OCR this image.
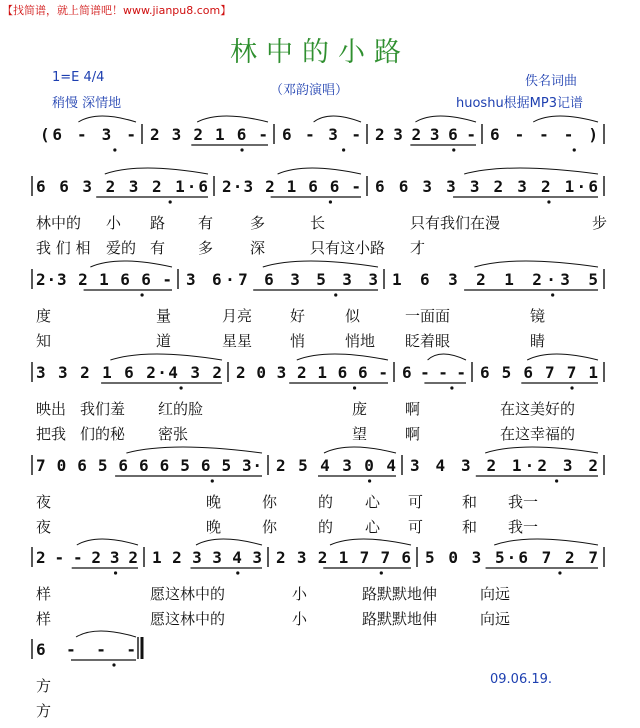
【找简谱，就上简谱吧！www.jianpu8.com】
林中的小路
1=E 4/4
稍慢 深情地
（邓韵演唱）
佚名词曲
huoshu根据MP3记谱
09.06.19.
(6 - 3 - 2 3 2 1 6 - 6 - 3 - 2 3 2 3 6 - 6 - - - )
6 6 3 2 3 2 1·6 2·3 2 1 6 6 - 6 6 3 3 3 2 3 2 1·6
2·3 2 1 6 6 - 3 6·7 6 3 5 3 3 1 6 3 2 1 2·3 5
3 3 2 1 6 2·4 3 2 2 0 3 2 1 6 6 - 6 - - - 6 5 6 7 7 1
7 0 6 5 6 6 6 5 6 5 3· 2 5 4 3 0 4 3 4 3 2 1·2 3 2
2 - - 2 3 2 1 2 3 3 4 3 2 3 2 1 7 7 6 5 0 3 5·6 7 2 7
6 - - -
林中的 小 路 有 多	长	只有我们在漫	步
我 们 相 爱的 有 多 深	只有这小路 才
度	量	月亮	好	似	一面面	镜
知	道	星星	悄	悄地 眨着眼	睛
映出 我们羞 红的脸	庞	啊	在这美好的
把我 们的秘 密张	望	啊	在这幸福的
夜	晚	你	的 心 可	和 我一
夜	晚	你	的 心 可	和 我一
样	愿这林中的	小	路默默地伸	向远
样	愿这林中的	小	路默默地伸	向远
方
方
